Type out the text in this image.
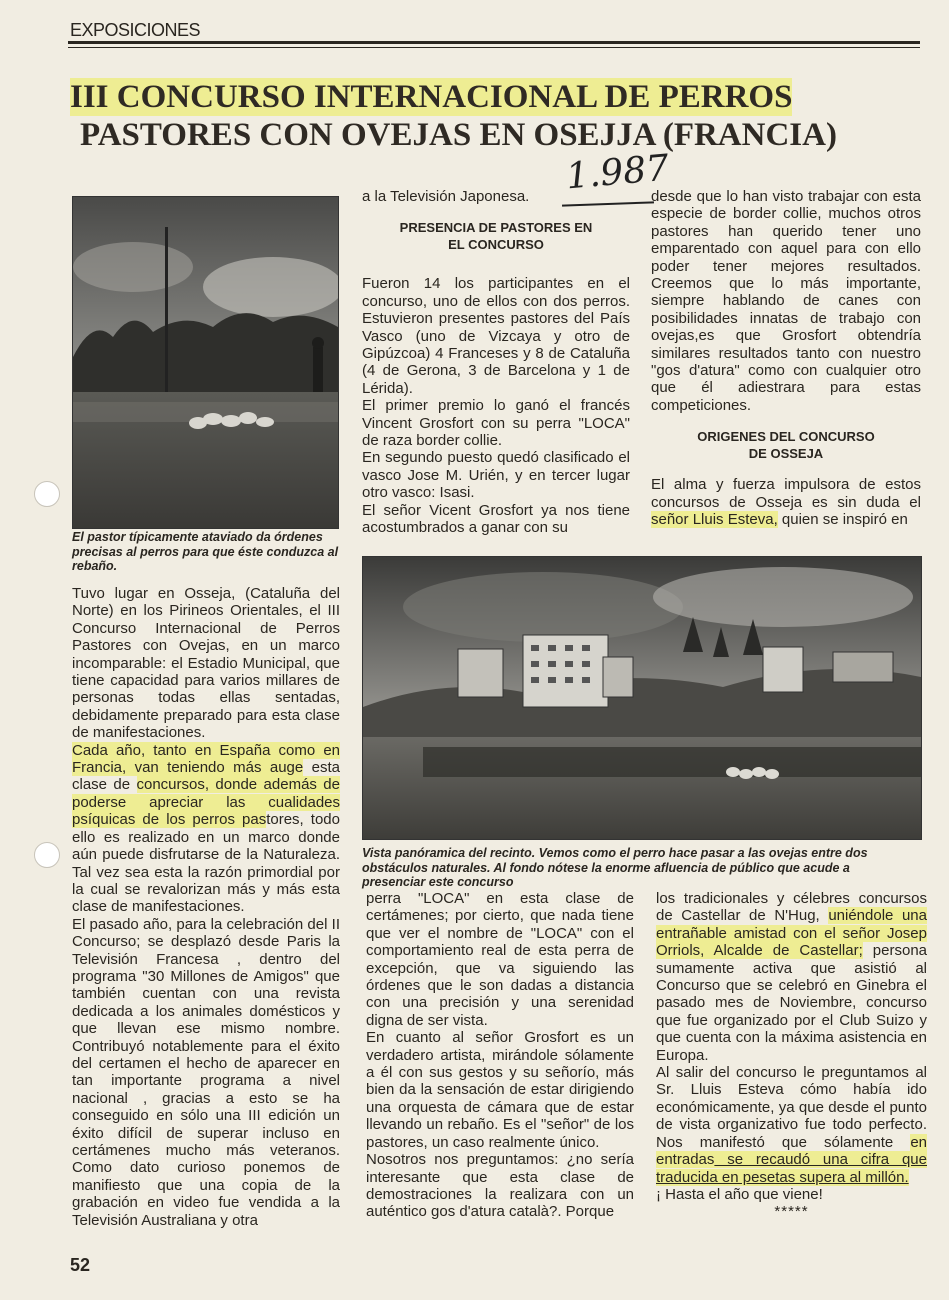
EXPOSICIONES
III CONCURSO INTERNACIONAL DE PERROS
PASTORES CON OVEJAS EN OSEJJA (FRANCIA)
1.987
El pastor típicamente ataviado da órdenes precisas al perros para que éste conduzca al rebaño.

Tuvo lugar en Osseja, (Cataluña del Norte) en los Pirineos Orientales, el III Concurso Internacional de Perros Pastores con Ovejas, en un marco incomparable: el Estadio Municipal, que tiene capacidad para varios millares de personas todas ellas sentadas, debidamente preparado para esta clase de manifestaciones.

Cada año, tanto en España como en Francia, van teniendo más auge esta clase de concursos, donde además de poderse apreciar las cualidades psíquicas de los perros pastores, todo ello es realizado en un marco donde aún puede disfrutarse de la Naturaleza. Tal vez sea esta la razón primordial por la cual se revalorizan más y más esta clase de manifestaciones.

El pasado año, para la celebración del II Concurso; se desplazó desde Paris la Televisión Francesa , dentro del programa "30 Millones de Amigos" que también cuentan con una revista dedicada a los animales domésticos y que llevan ese mismo nombre. Contribuyó notablemente para el éxito del certamen el hecho de aparecer en tan importante programa a nivel nacional , gracias a esto se ha conseguido en sólo una III edición un éxito difícil de superar incluso en certámenes mucho más veteranos. Como dato curioso ponemos de manifiesto que una copia de la grabación en video fue vendida a la Televisión Australiana y otra

a la Televisión Japonesa.

PRESENCIA DE PASTORES EN EL CONCURSO

Fueron 14 los participantes en el concurso, uno de ellos con dos perros. Estuvieron presentes pastores del País Vasco (uno de Vizcaya y otro de Gipúzcoa) 4 Franceses y 8 de Cataluña (4 de Gerona, 3 de Barcelona y 1 de Lérida).

El primer premio lo ganó el francés Vincent Grosfort con su perra "LOCA" de raza border collie.

En segundo puesto quedó clasificado el vasco Jose M. Urién, y en tercer lugar otro vasco: Isasi.

El señor Vicent Grosfort ya nos tiene acostumbrados a ganar con su

desde que lo han visto trabajar con esta especie de border collie, muchos otros pastores han querido tener uno emparentado con aquel para con ello poder tener mejores resultados. Creemos que lo más importante, siempre hablando de canes con posibilidades innatas de trabajo con ovejas,es que Grosfort obtendría similares resultados tanto con nuestro "gos d'atura" como con cualquier otro que él adiestrara para estas competiciones.

ORIGENES DEL CONCURSO DE OSSEJA

El alma y fuerza impulsora de estos concursos de Osseja es sin duda el señor Lluis Esteva, quien se inspiró en

Vista panóramica del recinto. Vemos como el perro hace pasar a las ovejas entre dos obstáculos naturales. Al fondo nótese la enorme afluencia de público que acude a presenciar este concurso

perra "LOCA" en esta clase de certámenes; por cierto, que nada tiene que ver el nombre de "LOCA" con el comportamiento real de esta perra de excepción, que va siguiendo las órdenes que le son dadas a distancia con una precisión y una serenidad digna de ser vista.

En cuanto al señor Grosfort es un verdadero artista, mirándole sólamente a él con sus gestos y su señorío, más bien da la sensación de estar dirigiendo una orquesta de cámara que de estar llevando un rebaño. Es el "señor" de los pastores, un caso realmente único.

Nosotros nos preguntamos: ¿no sería interesante que esta clase de demostraciones la realizara con un auténtico gos d'atura català?. Porque

los tradicionales y célebres concursos de Castellar de N'Hug, uniéndole una entrañable amistad con el señor Josep Orriols, Alcalde de Castellar; persona sumamente activa que asistió al Concurso que se celebró en Ginebra el pasado mes de Noviembre, concurso que fue organizado por el Club Suizo y que cuenta con la máxima asistencia en Europa.

Al salir del concurso le preguntamos al Sr. Lluis Esteva cómo había ido económicamente, ya que desde el punto de vista organizativo fue todo perfecto. Nos manifestó que sólamente en entradas se recaudó una cifra que traducida en pesetas supera al millón.

¡ Hasta el año que viene!

*****

52
